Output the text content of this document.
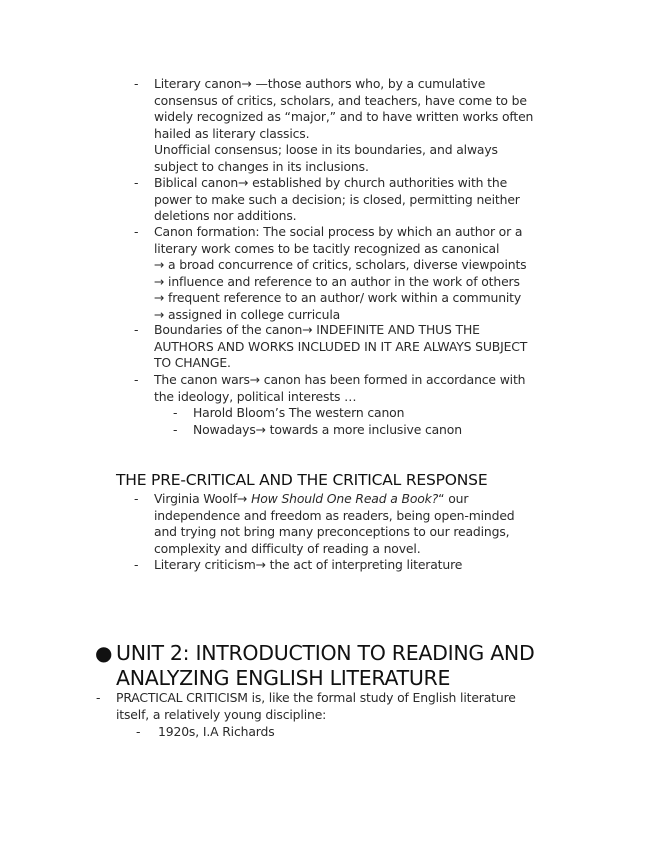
- Literary canon→ —those authors who, by a cumulative
consensus of critics, scholars, and teachers, have come to be
widely recognized as “major,” and to have written works often
hailed as literary classics.
Unofficial consensus; loose in its boundaries, and always
subject to changes in its inclusions.
- Biblical canon→ established by church authorities with the
power to make such a decision; is closed, permitting neither
deletions nor additions.
- Canon formation: The social process by which an author or a
literary work comes to be tacitly recognized as canonical
→ a broad concurrence of critics, scholars, diverse viewpoints
→ influence and reference to an author in the work of others
→ frequent reference to an author/ work within a community
→ assigned in college curricula
- Boundaries of the canon→ INDEFINITE AND THUS THE
AUTHORS AND WORKS INCLUDED IN IT ARE ALWAYS SUBJECT
TO CHANGE.
- The canon wars→ canon has been formed in accordance with
the ideology, political interests …
- Harold Bloom’s The western canon
- Nowadays→ towards a more inclusive canon
THE PRE-CRITICAL AND THE CRITICAL RESPONSE
- Virginia Woolf→ How Should One Read a Book?“ our
independence and freedom as readers, being open-minded
and trying not bring many preconceptions to our readings,
complexity and difficulty of reading a novel.
- Literary criticism→ the act of interpreting literature
● UNIT 2: INTRODUCTION TO READING AND
ANALYZING ENGLISH LITERATURE
- PRACTICAL CRITICISM is, like the formal study of English literature
itself, a relatively young discipline:
- 1920s, I.A Richards
